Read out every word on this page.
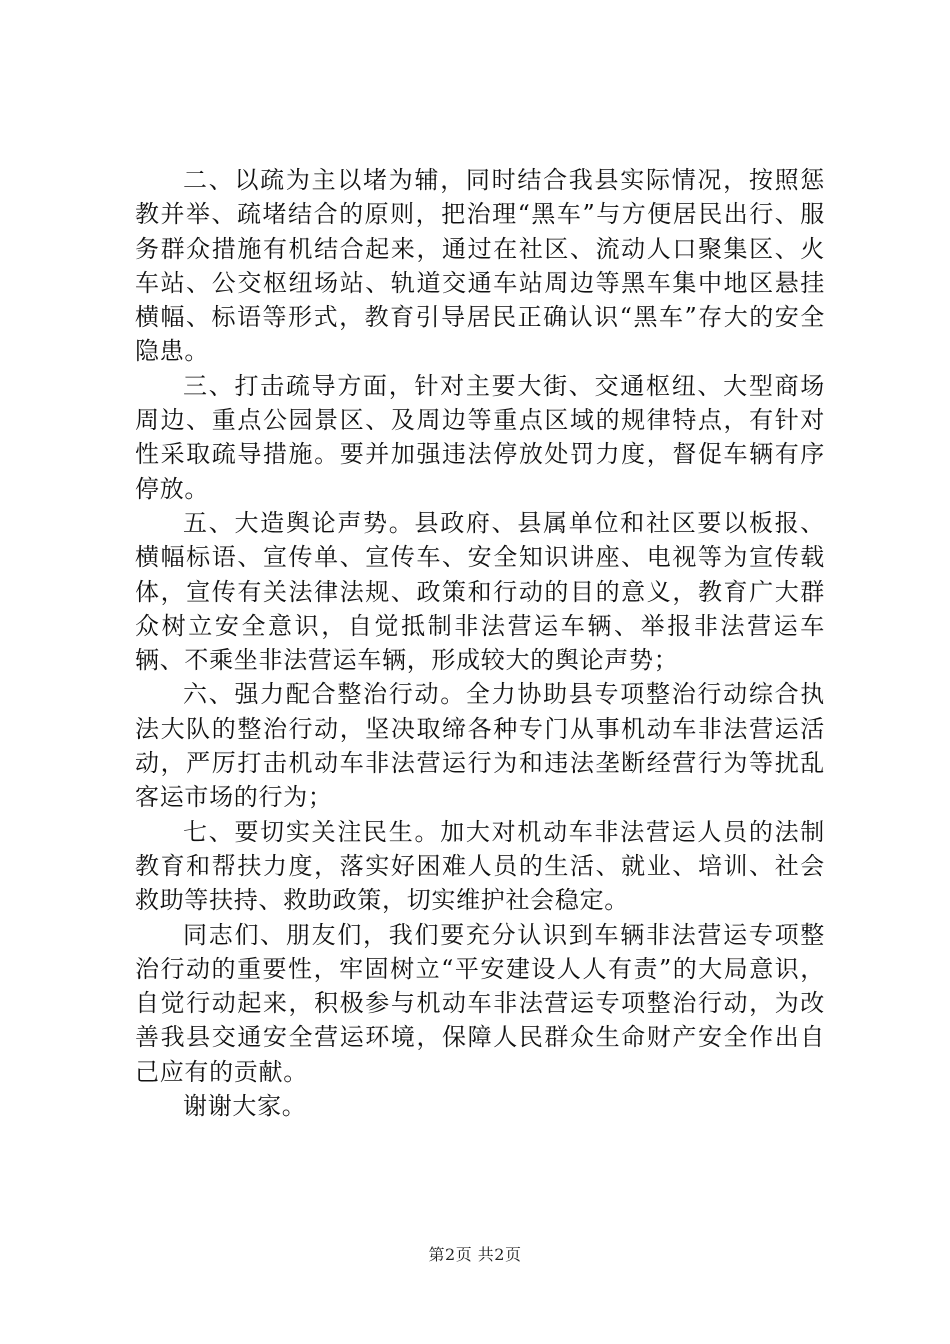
二、以疏为主以堵为辅，同时结合我县实际情况，按照惩教并举、疏堵结合的原则，把治理“黑车”与方便居民出行、服务群众措施有机结合起来，通过在社区、流动人口聚集区、火车站、公交枢纽场站、轨道交通车站周边等黑车集中地区悬挂横幅、标语等形式，教育引导居民正确认识“黑车”存大的安全隐患。

三、打击疏导方面，针对主要大街、交通枢纽、大型商场周边、重点公园景区、及周边等重点区域的规律特点，有针对性采取疏导措施。要并加强违法停放处罚力度，督促车辆有序停放。

五、大造舆论声势。县政府、县属单位和社区要以板报、横幅标语、宣传单、宣传车、安全知识讲座、电视等为宣传载体，宣传有关法律法规、政策和行动的目的意义，教育广大群众树立安全意识，自觉抵制非法营运车辆、举报非法营运车辆、不乘坐非法营运车辆，形成较大的舆论声势；

六、强力配合整治行动。全力协助县专项整治行动综合执法大队的整治行动，坚决取缔各种专门从事机动车非法营运活动，严厉打击机动车非法营运行为和违法垄断经营行为等扰乱客运市场的行为；

七、要切实关注民生。加大对机动车非法营运人员的法制教育和帮扶力度，落实好困难人员的生活、就业、培训、社会救助等扶持、救助政策，切实维护社会稳定。

同志们、朋友们，我们要充分认识到车辆非法营运专项整治行动的重要性，牢固树立“平安建设人人有责”的大局意识，自觉行动起来，积极参与机动车非法营运专项整治行动，为改善我县交通安全营运环境，保障人民群众生命财产安全作出自己应有的贡献。

谢谢大家。

第2页 共2页
